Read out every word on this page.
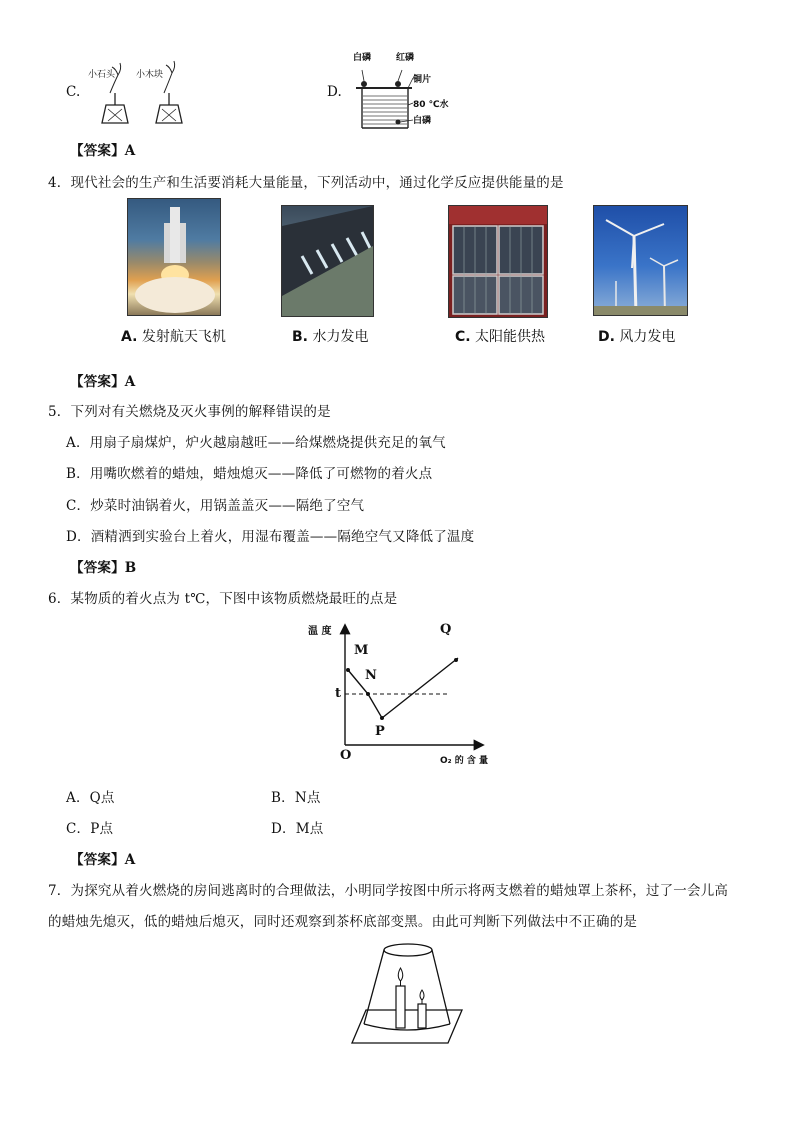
C.
小石头 小木块
D.
白磷	红磷
铜片
80 ℃水
白磷
【答案】A
4．现代社会的生产和生活要消耗大量能量，下列活动中，通过化学反应提供能量的是
A. 发射航天飞机	B. 水力发电	C. 太阳能供热	D. 风力发电
【答案】A
5．下列对有关燃烧及灭火事例的解释错误的是
A．用扇子扇煤炉，炉火越扇越旺——给煤燃烧提供充足的氧气
B．用嘴吹燃着的蜡烛，蜡烛熄灭——降低了可燃物的着火点
C．炒菜时油锅着火，用锅盖盖灭——隔绝了空气
D．酒精洒到实验台上着火，用湿布覆盖——隔绝空气又降低了温度
【答案】B
6．某物质的着火点为 t℃，下图中该物质燃烧最旺的点是
温 度
O
t
M
N
P
Q
O₂ 的 含 量
A．Q点	B．N点
C．P点	D．M点
【答案】A
7．为探究从着火燃烧的房间逃离时的合理做法，小明同学按图中所示将两支燃着的蜡烛罩上茶杯，过了一会儿高
的蜡烛先熄灭，低的蜡烛后熄灭，同时还观察到茶杯底部变黑。由此可判断下列做法中不正确的是
